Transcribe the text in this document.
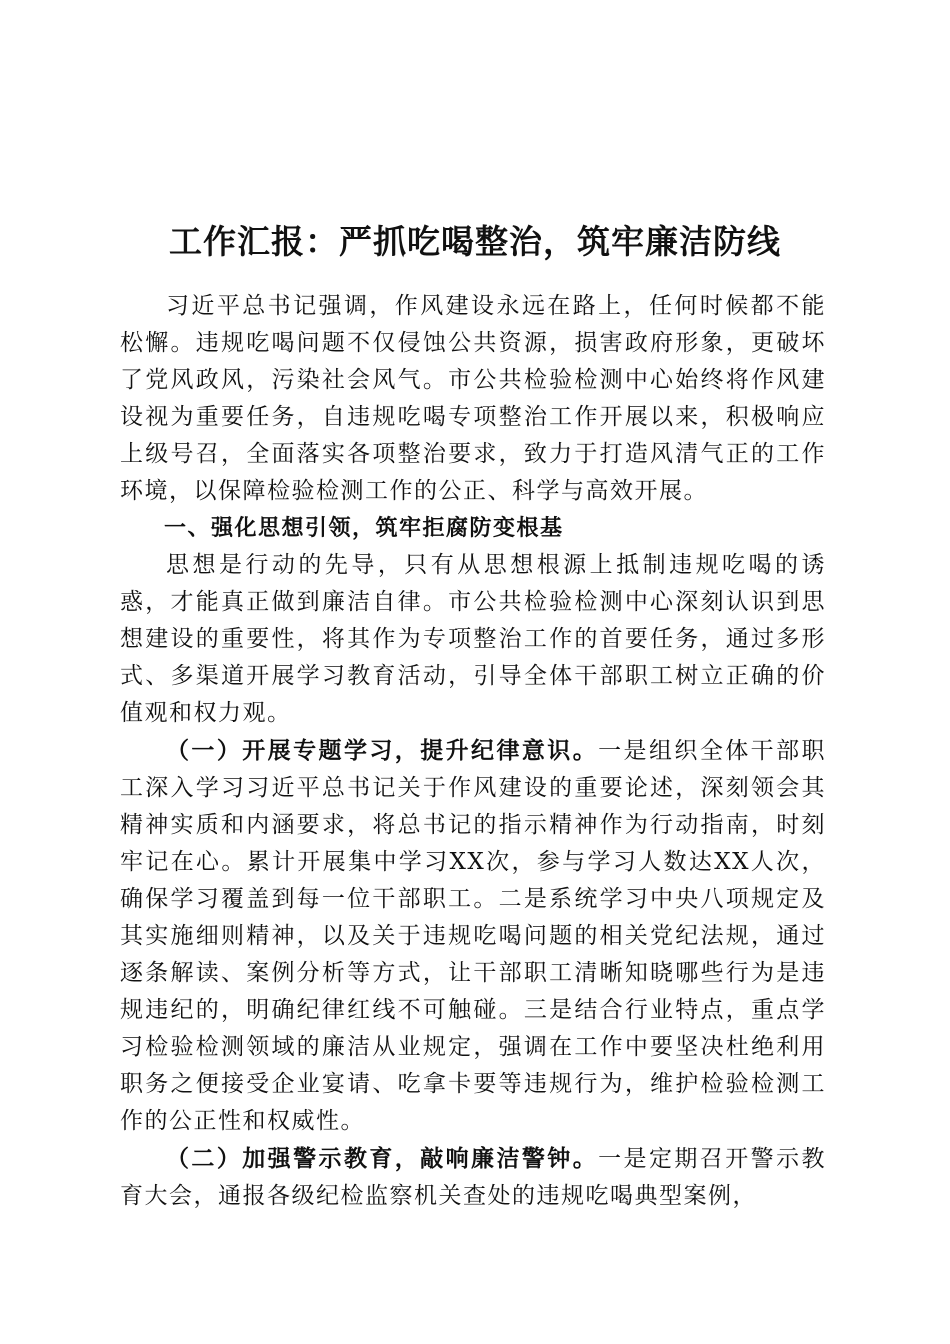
工作汇报：严抓吃喝整治，筑牢廉洁防线

习近平总书记强调，作风建设永远在路上，任何时候都不能松懈。违规吃喝问题不仅侵蚀公共资源，损害政府形象，更破坏了党风政风，污染社会风气。市公共检验检测中心始终将作风建设视为重要任务，自违规吃喝专项整治工作开展以来，积极响应上级号召，全面落实各项整治要求，致力于打造风清气正的工作环境，以保障检验检测工作的公正、科学与高效开展。

一、强化思想引领，筑牢拒腐防变根基

思想是行动的先导，只有从思想根源上抵制违规吃喝的诱惑，才能真正做到廉洁自律。市公共检验检测中心深刻认识到思想建设的重要性，将其作为专项整治工作的首要任务，通过多形式、多渠道开展学习教育活动，引导全体干部职工树立正确的价值观和权力观。

（一）开展专题学习，提升纪律意识。一是组织全体干部职工深入学习习近平总书记关于作风建设的重要论述，深刻领会其精神实质和内涵要求，将总书记的指示精神作为行动指南，时刻牢记在心。累计开展集中学习XX次，参与学习人数达XX人次，确保学习覆盖到每一位干部职工。二是系统学习中央八项规定及其实施细则精神，以及关于违规吃喝问题的相关党纪法规，通过逐条解读、案例分析等方式，让干部职工清晰知晓哪些行为是违规违纪的，明确纪律红线不可触碰。三是结合行业特点，重点学习检验检测领域的廉洁从业规定，强调在工作中要坚决杜绝利用职务之便接受企业宴请、吃拿卡要等违规行为，维护检验检测工作的公正性和权威性。

（二）加强警示教育，敲响廉洁警钟。一是定期召开警示教育大会，通报各级纪检监察机关查处的违规吃喝典型案例，
